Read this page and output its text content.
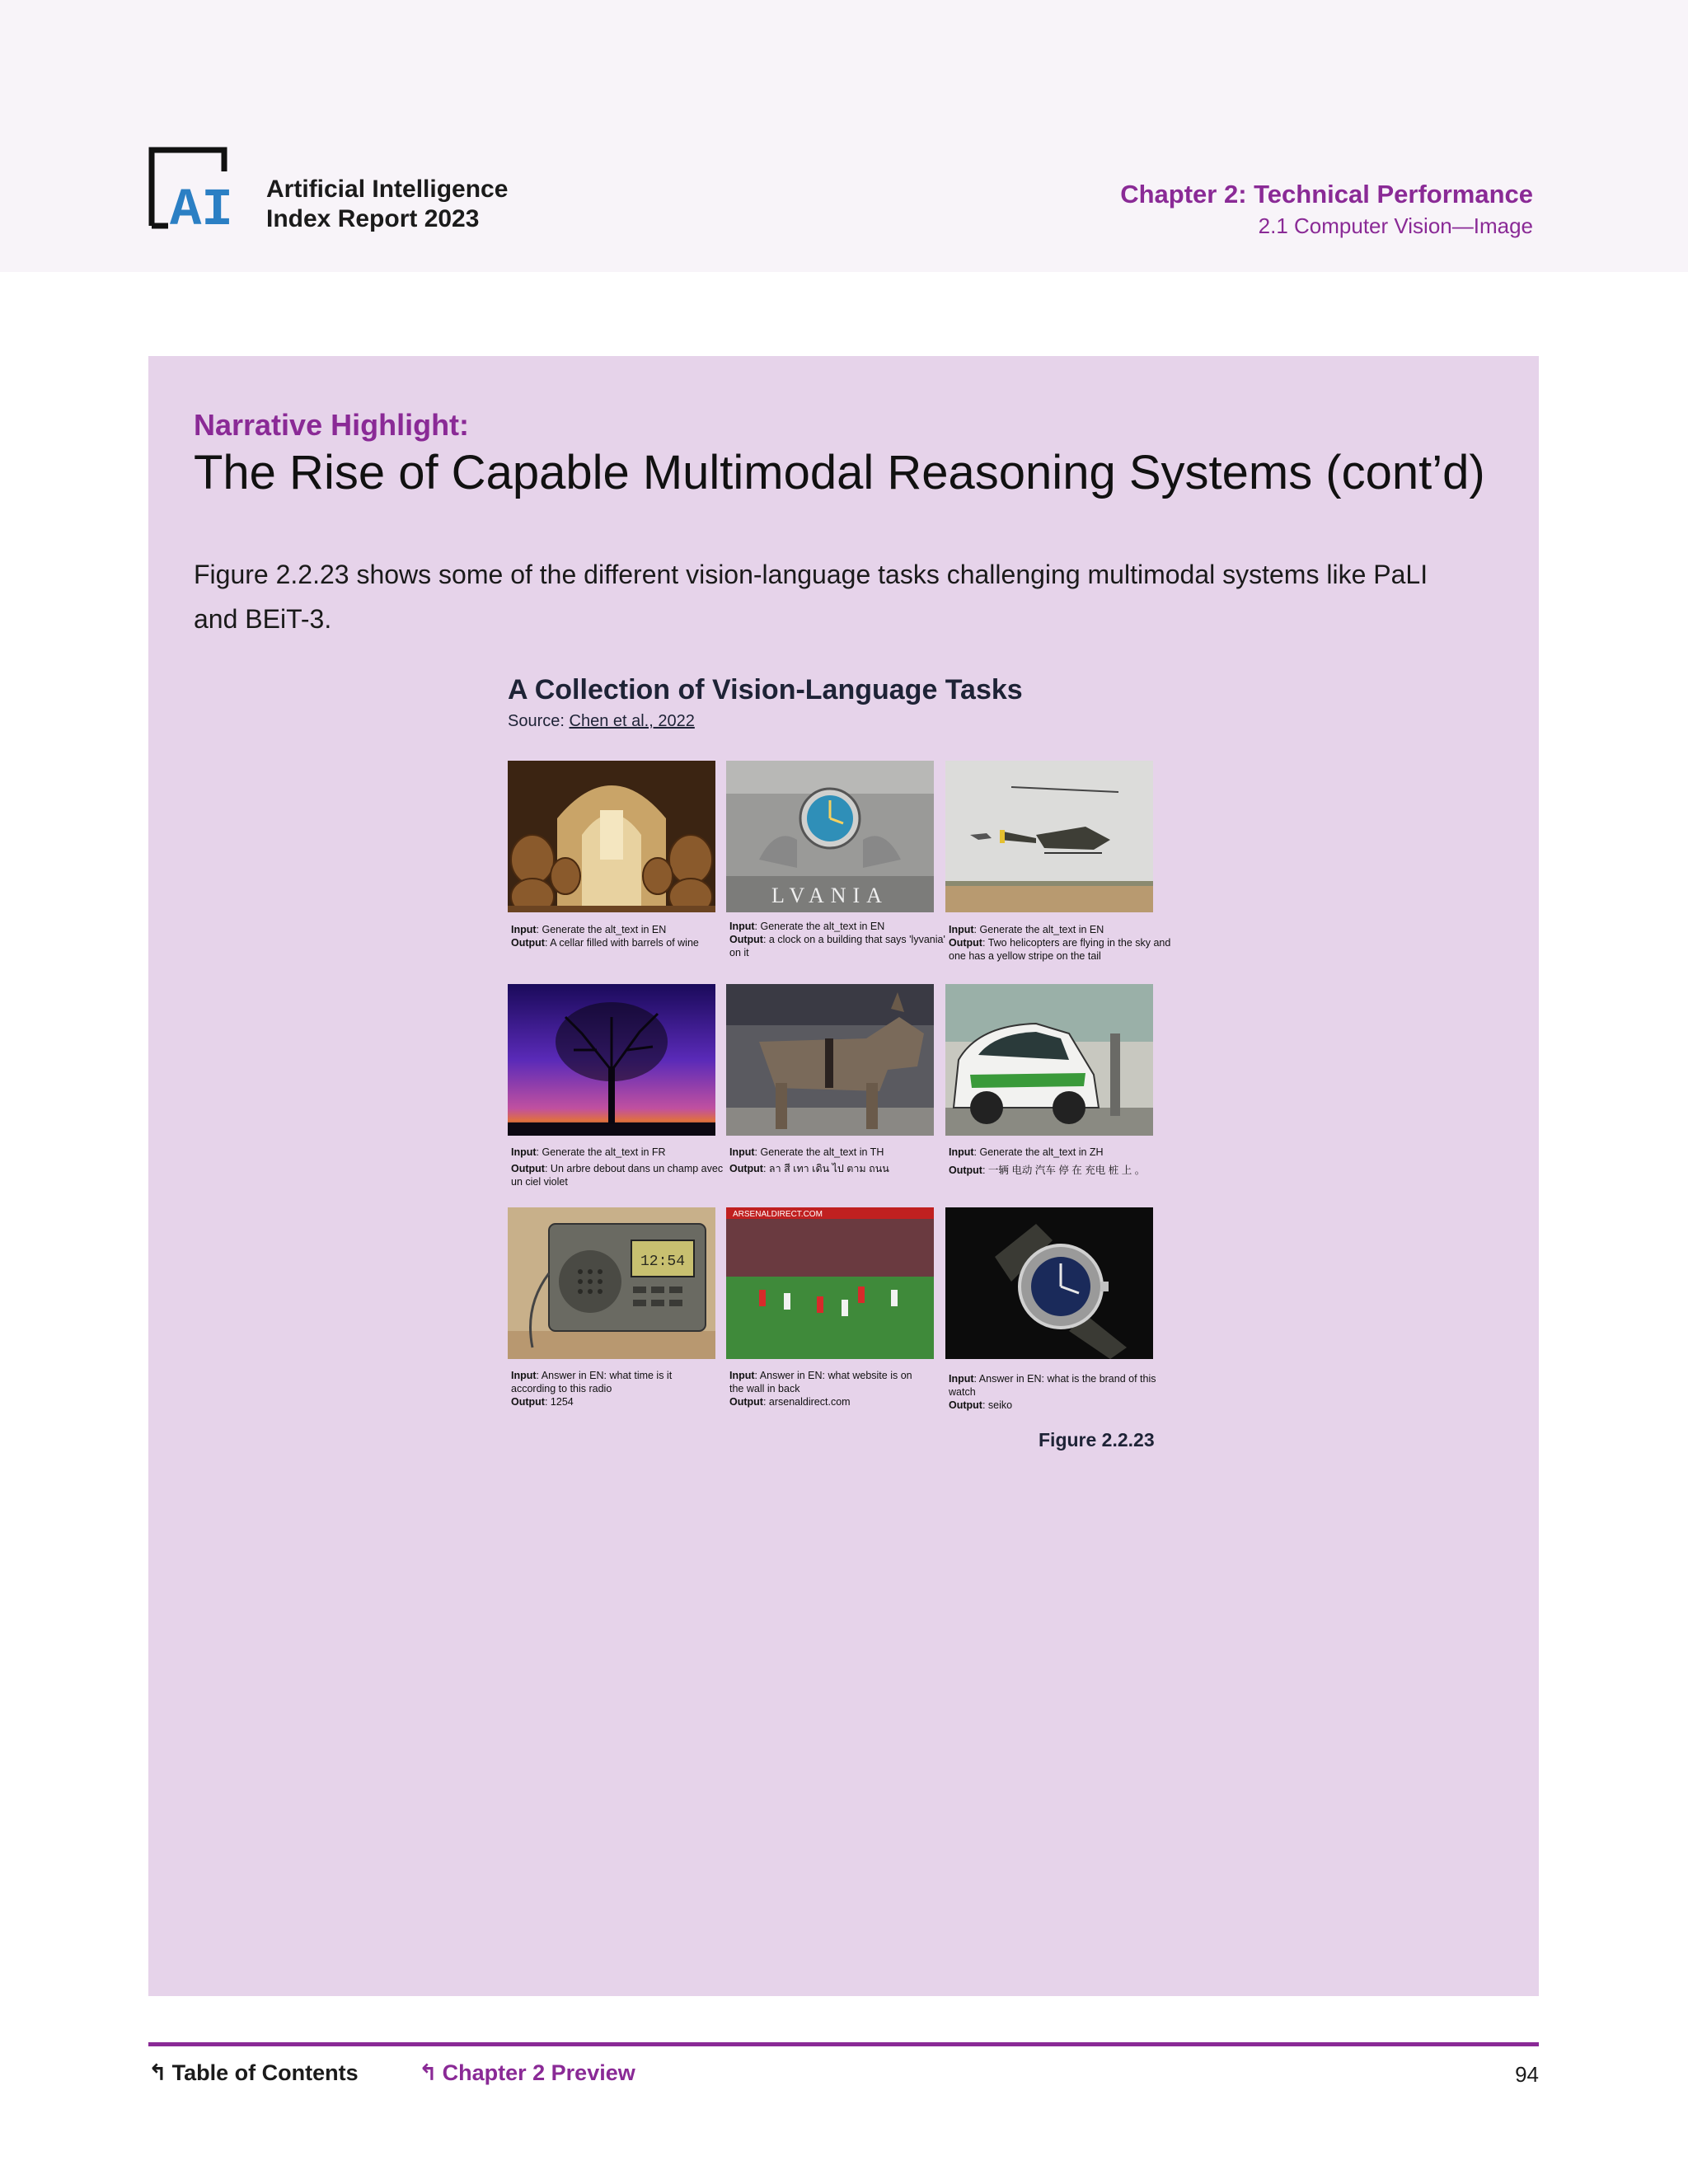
AI Artificial Intelligence
Index Report 2023
Chapter 2: Technical Performance
2.1 Computer Vision—Image
Narrative Highlight:
The Rise of Capable Multimodal Reasoning Systems (cont’d)
Figure 2.2.23 shows some of the different vision-language tasks challenging multimodal systems like PaLI and BEiT-3.
A Collection of Vision-Language Tasks
Source: Chen et al., 2022
Input: Generate the alt_text in EN
Output: A cellar filled with barrels of wine
LVANIA
Input: Generate the alt_text in EN
Output: a clock on a building that says 'lyvania' on it
Input: Generate the alt_text in EN
Output: Two helicopters are flying in the sky and one has a yellow stripe on the tail
Input: Generate the alt_text in FR
Output: Un arbre debout dans un champ avec un ciel violet
Input: Generate the alt_text in TH
Output: ลา สี เทา เดิน ไป ตาม ถนน
Input: Generate the alt_text in ZH
Output: 一辆 电动 汽车 停 在 充电 桩 上 。
12:54
Input: Answer in EN: what time is it according to this radio
Output: 1254
ARSENALDIRECT.COM
Input: Answer in EN: what website is on the wall in back
Output: arsenaldirect.com
Input: Answer in EN: what is the brand of this watch
Output: seiko
Figure 2.2.23
↰ Table of Contents	↰ Chapter 2 Preview	94
